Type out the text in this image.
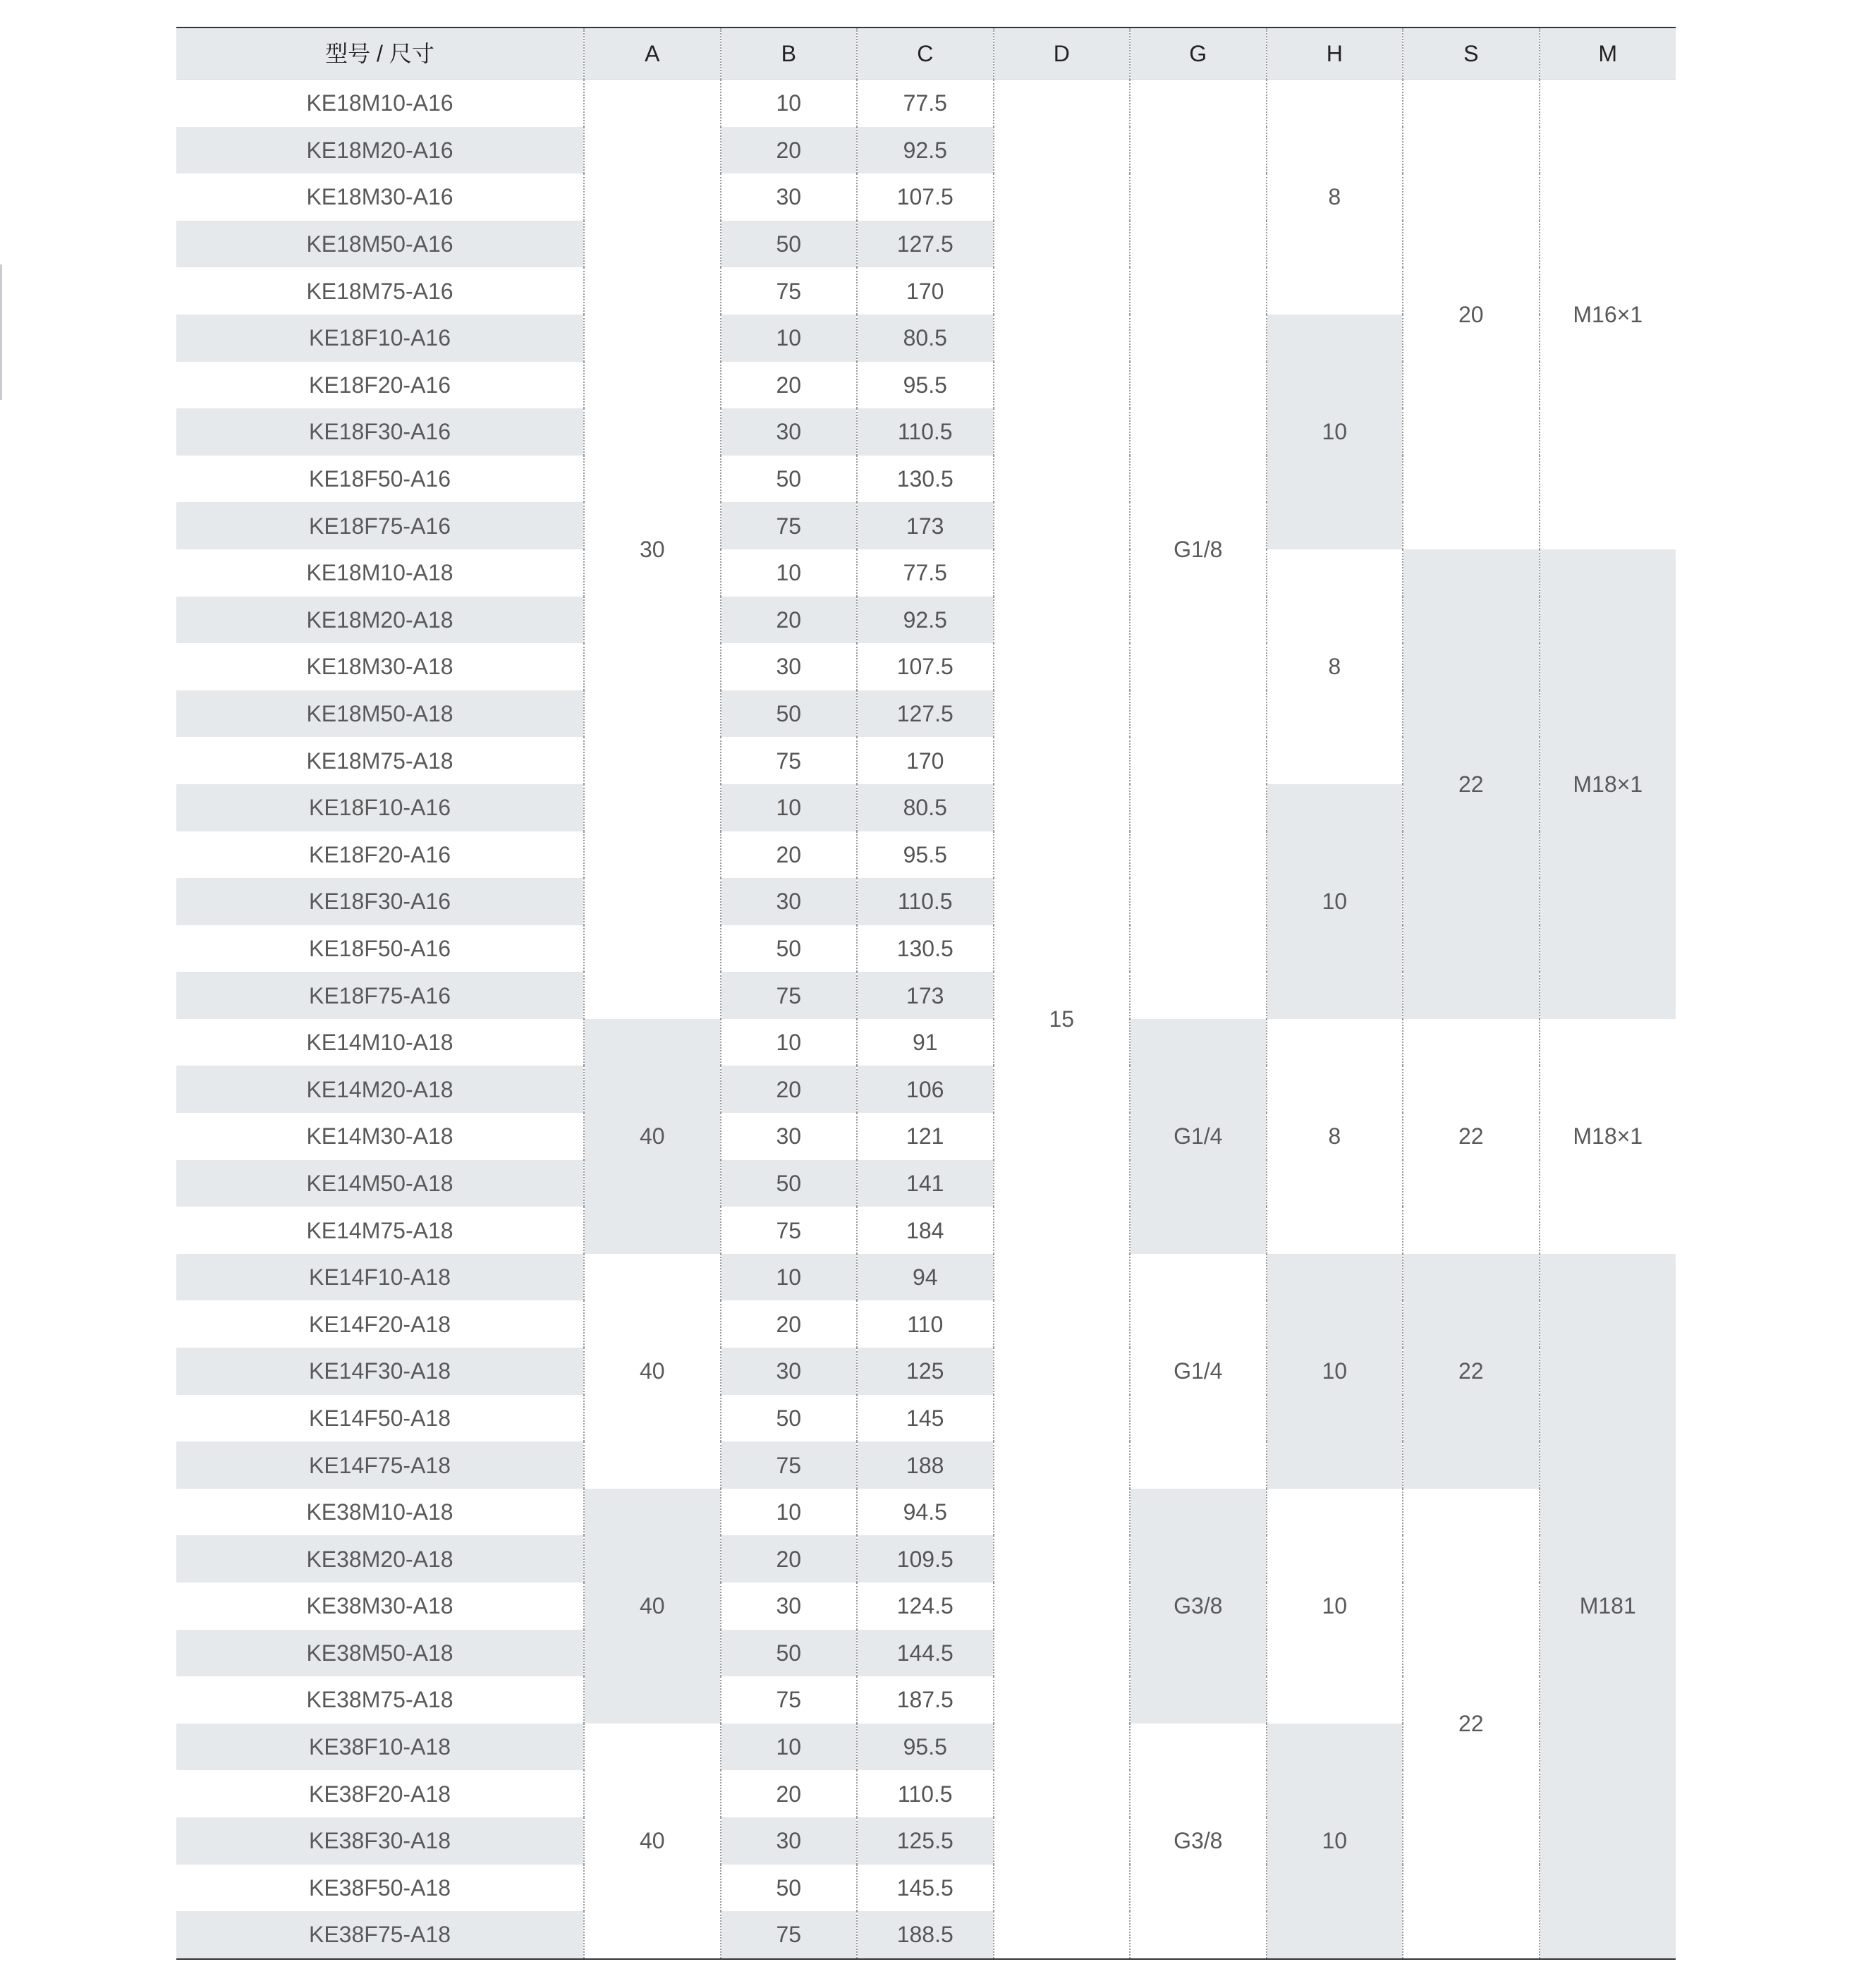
型号 / 尺寸	A	B	C	D	G	H	S	M
KE18M10-A16	30	10	77.5	15	G1/8	8	20	M16×1
KE18M20-A16		20	92.5					
KE18M30-A16		30	107.5					
KE18M50-A16		50	127.5					
KE18M75-A16		75	170					
KE18F10-A16		10	80.5			10		
KE18F20-A16		20	95.5					
KE18F30-A16		30	110.5					
KE18F50-A16		50	130.5					
KE18F75-A16		75	173					
KE18M10-A18		10	77.5			8	22	M18×1
KE18M20-A18		20	92.5					
KE18M30-A18		30	107.5					
KE18M50-A18		50	127.5					
KE18M75-A18		75	170					
KE18F10-A16		10	80.5			10		
KE18F20-A16		20	95.5					
KE18F30-A16		30	110.5					
KE18F50-A16		50	130.5					
KE18F75-A16		75	173					
KE14M10-A18	40	10	91		G1/4	8	22	M18×1
KE14M20-A18		20	106					
KE14M30-A18		30	121					
KE14M50-A18		50	141					
KE14M75-A18		75	184					
KE14F10-A18	40	10	94		G1/4	10	22	M181
KE14F20-A18		20	110					
KE14F30-A18		30	125					
KE14F50-A18		50	145					
KE14F75-A18		75	188					
KE38M10-A18	40	10	94.5		G3/8	10	22	
KE38M20-A18		20	109.5					
KE38M30-A18		30	124.5					
KE38M50-A18		50	144.5					
KE38M75-A18		75	187.5					
KE38F10-A18	40	10	95.5		G3/8	10		
KE38F20-A18		20	110.5					
KE38F30-A18		30	125.5					
KE38F50-A18		50	145.5					
KE38F75-A18		75	188.5					
